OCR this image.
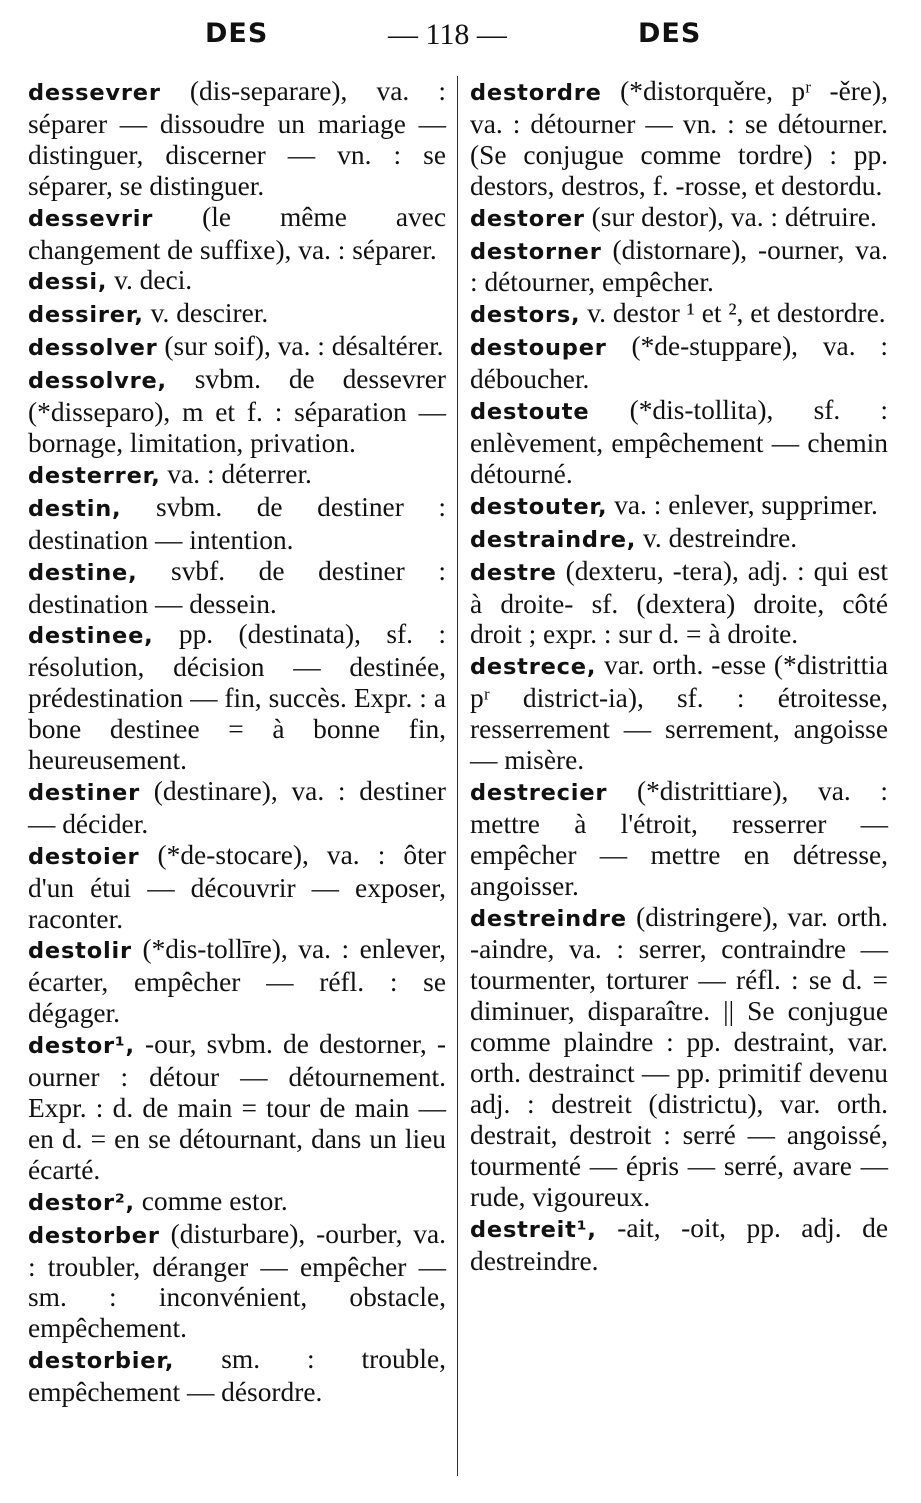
DES	— 118 —	DES

dessevrer (dis-separare), va. : séparer — dissoudre un mariage — distinguer, discerner — vn. : se séparer, se distinguer.

dessevrir (le même avec changement de suffixe), va. : séparer.

dessi, v. deci.

dessirer, v. descirer.

dessolver (sur soif), va. : désaltérer.

dessolvre, svbm. de dessevrer (*disseparo), m et f. : séparation — bornage, limitation, privation.

desterrer, va. : déterrer.

destin, svbm. de destiner : destination — intention.

destine, svbf. de destiner : destination — dessein.

destinee, pp. (destinata), sf. : résolution, décision — destinée, prédestination — fin, succès. Expr. : a bone destinee = à bonne fin, heureusement.

destiner (destinare), va. : destiner — décider.

destoier (*de-stocare), va. : ôter d'un étui — découvrir — exposer, raconter.

destolir (*dis-tollīre), va. : enlever, écarter, empêcher — réfl. : se dégager.

destor¹, -our, svbm. de destorner, -ourner : détour — détournement. Expr. : d. de main = tour de main — en d. = en se détournant, dans un lieu écarté.

destor², comme estor.

destorber (disturbare), -ourber, va. : troubler, déranger — empêcher — sm. : inconvénient, obstacle, empêchement.

destorbier, sm. : trouble, empêchement — désordre.

destordre (*distorquěre, pʳ -ěre), va. : détourner — vn. : se détourner. (Se conjugue comme tordre) : pp. destors, destros, f. -rosse, et destordu.

destorer (sur destor), va. : détruire.

destorner (distornare), -ourner, va. : détourner, empêcher.

destors, v. destor ¹ et ², et destordre.

destouper (*de-stuppare), va. : déboucher.

destoute (*dis-tollita), sf. : enlèvement, empêchement — chemin détourné.

destouter, va. : enlever, supprimer.

destraindre, v. destreindre.

destre (dexteru, -tera), adj. : qui est à droite- sf. (dextera) droite, côté droit ; expr. : sur d. = à droite.

destrece, var. orth. -esse (*distrittia pʳ district-ia), sf. : étroitesse, resserrement — serrement, angoisse — misère.

destrecier (*distrittiare), va. : mettre à l'étroit, resserrer — empêcher — mettre en détresse, angoisser.

destreindre (distringere), var. orth. -aindre, va. : serrer, contraindre — tourmenter, torturer — réfl. : se d. = diminuer, disparaître. || Se conjugue comme plaindre : pp. destraint, var. orth. destrainct — pp. primitif devenu adj. : destreit (districtu), var. orth. destrait, destroit : serré — angoissé, tourmenté — épris — serré, avare — rude, vigoureux.

destreit¹, -ait, -oit, pp. adj. de destreindre.
